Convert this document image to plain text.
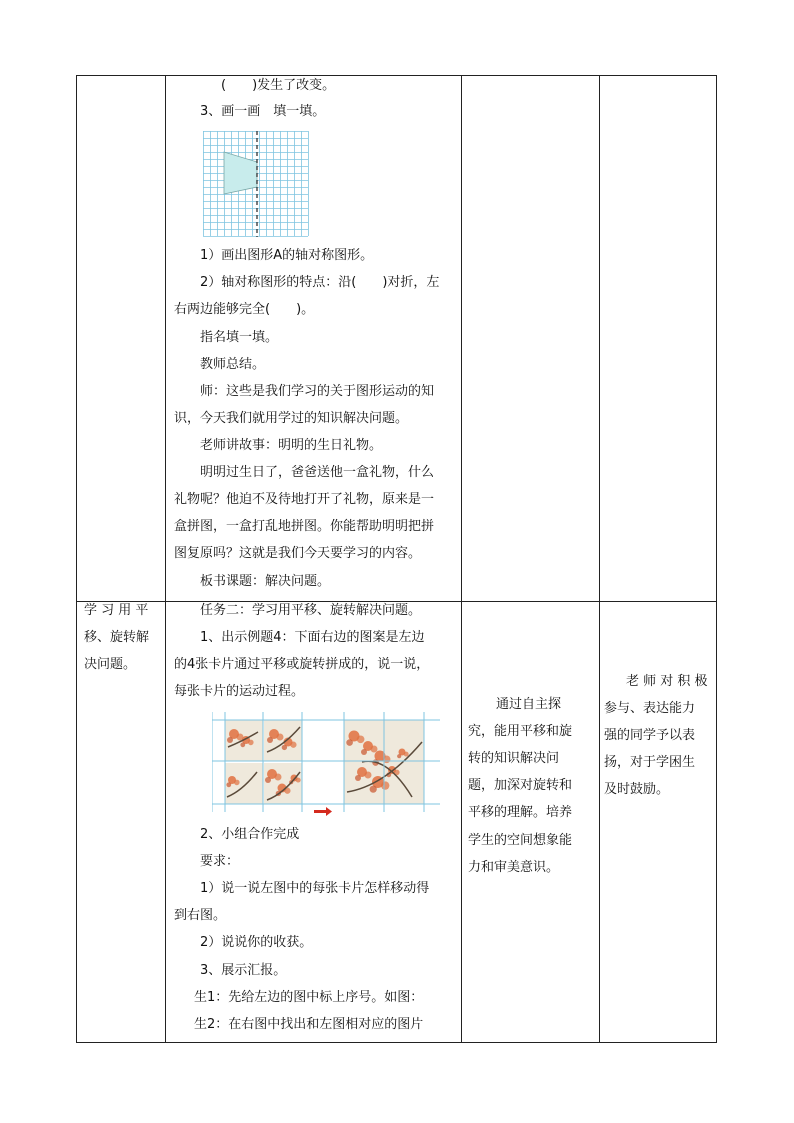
(　　)发生了改变。
3、画一画　填一填。
1）画出图形A的轴对称图形。
2）轴对称图形的特点：沿(　　)对折，左
右两边能够完全(　　)。
指名填一填。
教师总结。
师：这些是我们学习的关于图形运动的知
识，今天我们就用学过的知识解决问题。
老师讲故事：明明的生日礼物。
明明过生日了，爸爸送他一盒礼物，什么
礼物呢？他迫不及待地打开了礼物，原来是一
盒拼图，一盒打乱地拼图。你能帮助明明把拼
图复原吗？这就是我们今天要学习的内容。
板书课题：解决问题。
学 习 用 平
移、旋转解
决问题。
任务二：学习用平移、旋转解决问题。
1、出示例题4：下面右边的图案是左边
的4张卡片通过平移或旋转拼成的，说一说，
每张卡片的运动过程。
2、小组合作完成
要求：
1）说一说左图中的每张卡片怎样移动得
到右图。
2）说说你的收获。
3、展示汇报。
生1：先给左边的图中标上序号。如图：
生2：在右图中找出和左图相对应的图片
通过自主探
究，能用平移和旋
转的知识解决问
题，加深对旋转和
平移的理解。培养
学生的空间想象能
力和审美意识。
老 师 对 积 极
参与、表达能力
强的同学予以表
扬，对于学困生
及时鼓励。
